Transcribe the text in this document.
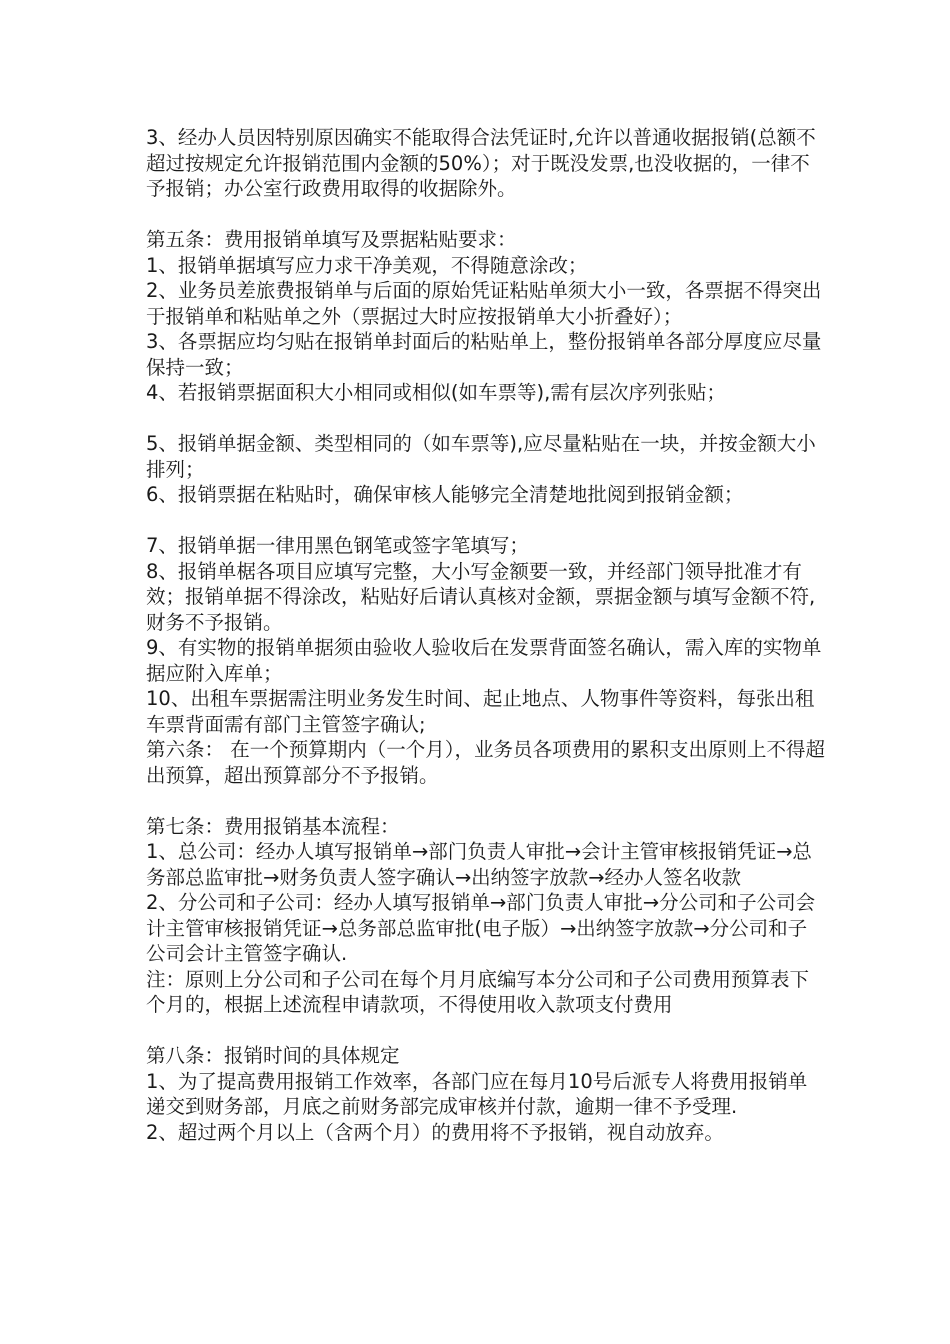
3、经办人员因特别原因确实不能取得合法凭证时,允许以普通收据报销(总额不超过按规定允许报销范围内金额的50%）；对于既没发票,也没收据的，一律不予报销；办公室行政费用取得的收据除外。
第五条：费用报销单填写及票据粘贴要求：
1、报销单据填写应力求干净美观，不得随意涂改；
2、业务员差旅费报销单与后面的原始凭证粘贴单须大小一致，各票据不得突出于报销单和粘贴单之外（票据过大时应按报销单大小折叠好）；
3、各票据应均匀贴在报销单封面后的粘贴单上，整份报销单各部分厚度应尽量保持一致；
4、若报销票据面积大小相同或相似(如车票等),需有层次序列张贴；
5、报销单据金额、类型相同的（如车票等),应尽量粘贴在一块，并按金额大小排列；
6、报销票据在粘贴时，确保审核人能够完全清楚地批阅到报销金额；
7、报销单据一律用黑色钢笔或签字笔填写；
8、报销单椐各项目应填写完整，大小写金额要一致，并经部门领导批准才有效；报销单据不得涂改，粘贴好后请认真核对金额，票据金额与填写金额不符,财务不予报销。
9、有实物的报销单据须由验收人验收后在发票背面签名确认，需入库的实物单据应附入库单；
10、出租车票据需注明业务发生时间、起止地点、人物事件等资料，每张出租车票背面需有部门主管签字确认;
第六条： 在一个预算期内（一个月），业务员各项费用的累积支出原则上不得超出预算，超出预算部分不予报销。
第七条：费用报销基本流程：
1、总公司：经办人填写报销单→部门负责人审批→会计主管审核报销凭证→总务部总监审批→财务负责人签字确认→出纳签字放款→经办人签名收款
2、分公司和子公司：经办人填写报销单→部门负责人审批→分公司和子公司会计主管审核报销凭证→总务部总监审批(电子版）→出纳签字放款→分公司和子公司会计主管签字确认.
注：原则上分公司和子公司在每个月月底编写本分公司和子公司费用预算表下个月的，根据上述流程申请款项，不得使用收入款项支付费用
第八条：报销时间的具体规定
1、为了提高费用报销工作效率，各部门应在每月10号后派专人将费用报销单递交到财务部，月底之前财务部完成审核并付款，逾期一律不予受理.
2、超过两个月以上（含两个月）的费用将不予报销，视自动放弃。
